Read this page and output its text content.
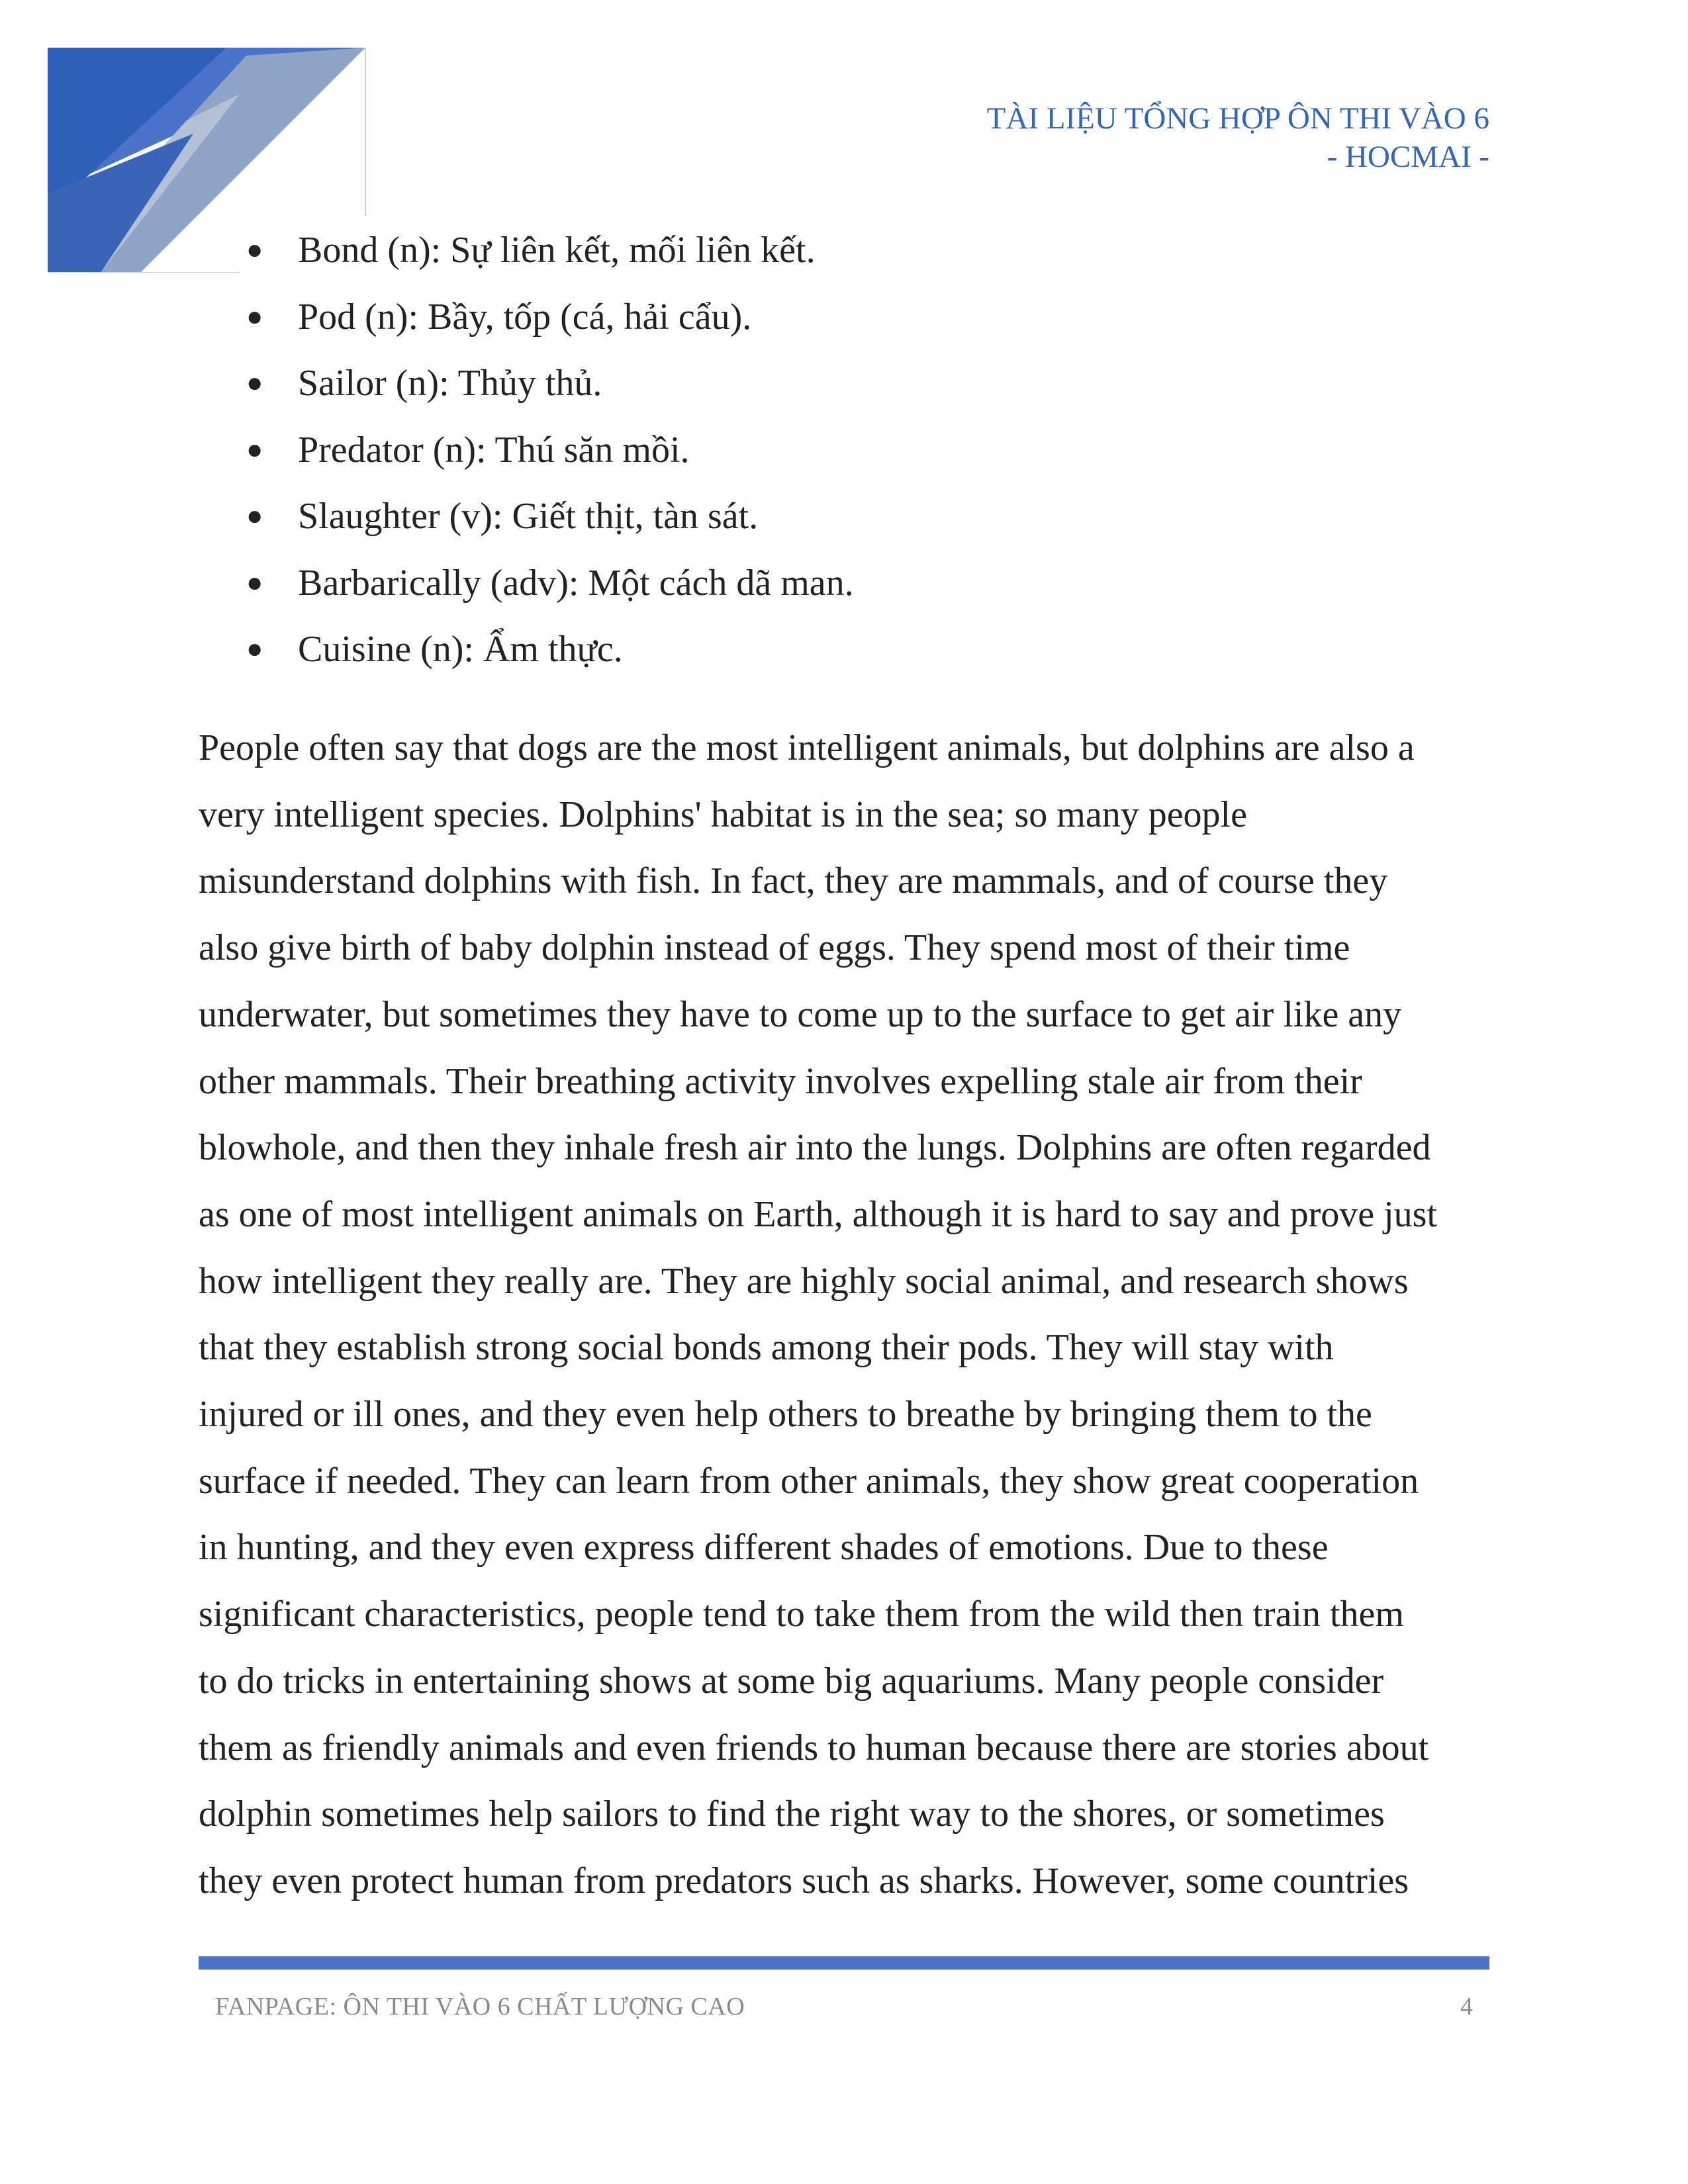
TÀI LIỆU TỔNG HỢP ÔN THI VÀO 6
- HOCMAI -
● Bond (n): Sự liên kết, mối liên kết.
● Pod (n): Bầy, tốp (cá, hải cẩu).
● Sailor (n): Thủy thủ.
● Predator (n): Thú săn mồi.
● Slaughter (v): Giết thịt, tàn sát.
● Barbarically (adv): Một cách dã man.
● Cuisine (n): Ẩm thực.
People often say that dogs are the most intelligent animals, but dolphins are also a
very intelligent species. Dolphins' habitat is in the sea; so many people
misunderstand dolphins with fish. In fact, they are mammals, and of course they
also give birth of baby dolphin instead of eggs. They spend most of their time
underwater, but sometimes they have to come up to the surface to get air like any
other mammals. Their breathing activity involves expelling stale air from their
blowhole, and then they inhale fresh air into the lungs. Dolphins are often regarded
as one of most intelligent animals on Earth, although it is hard to say and prove just
how intelligent they really are. They are highly social animal, and research shows
that they establish strong social bonds among their pods. They will stay with
injured or ill ones, and they even help others to breathe by bringing them to the
surface if needed. They can learn from other animals, they show great cooperation
in hunting, and they even express different shades of emotions. Due to these
significant characteristics, people tend to take them from the wild then train them
to do tricks in entertaining shows at some big aquariums. Many people consider
them as friendly animals and even friends to human because there are stories about
dolphin sometimes help sailors to find the right way to the shores, or sometimes
they even protect human from predators such as sharks. However, some countries
FANPAGE: ÔN THI VÀO 6 CHẤT LƯỢNG CAO	4
